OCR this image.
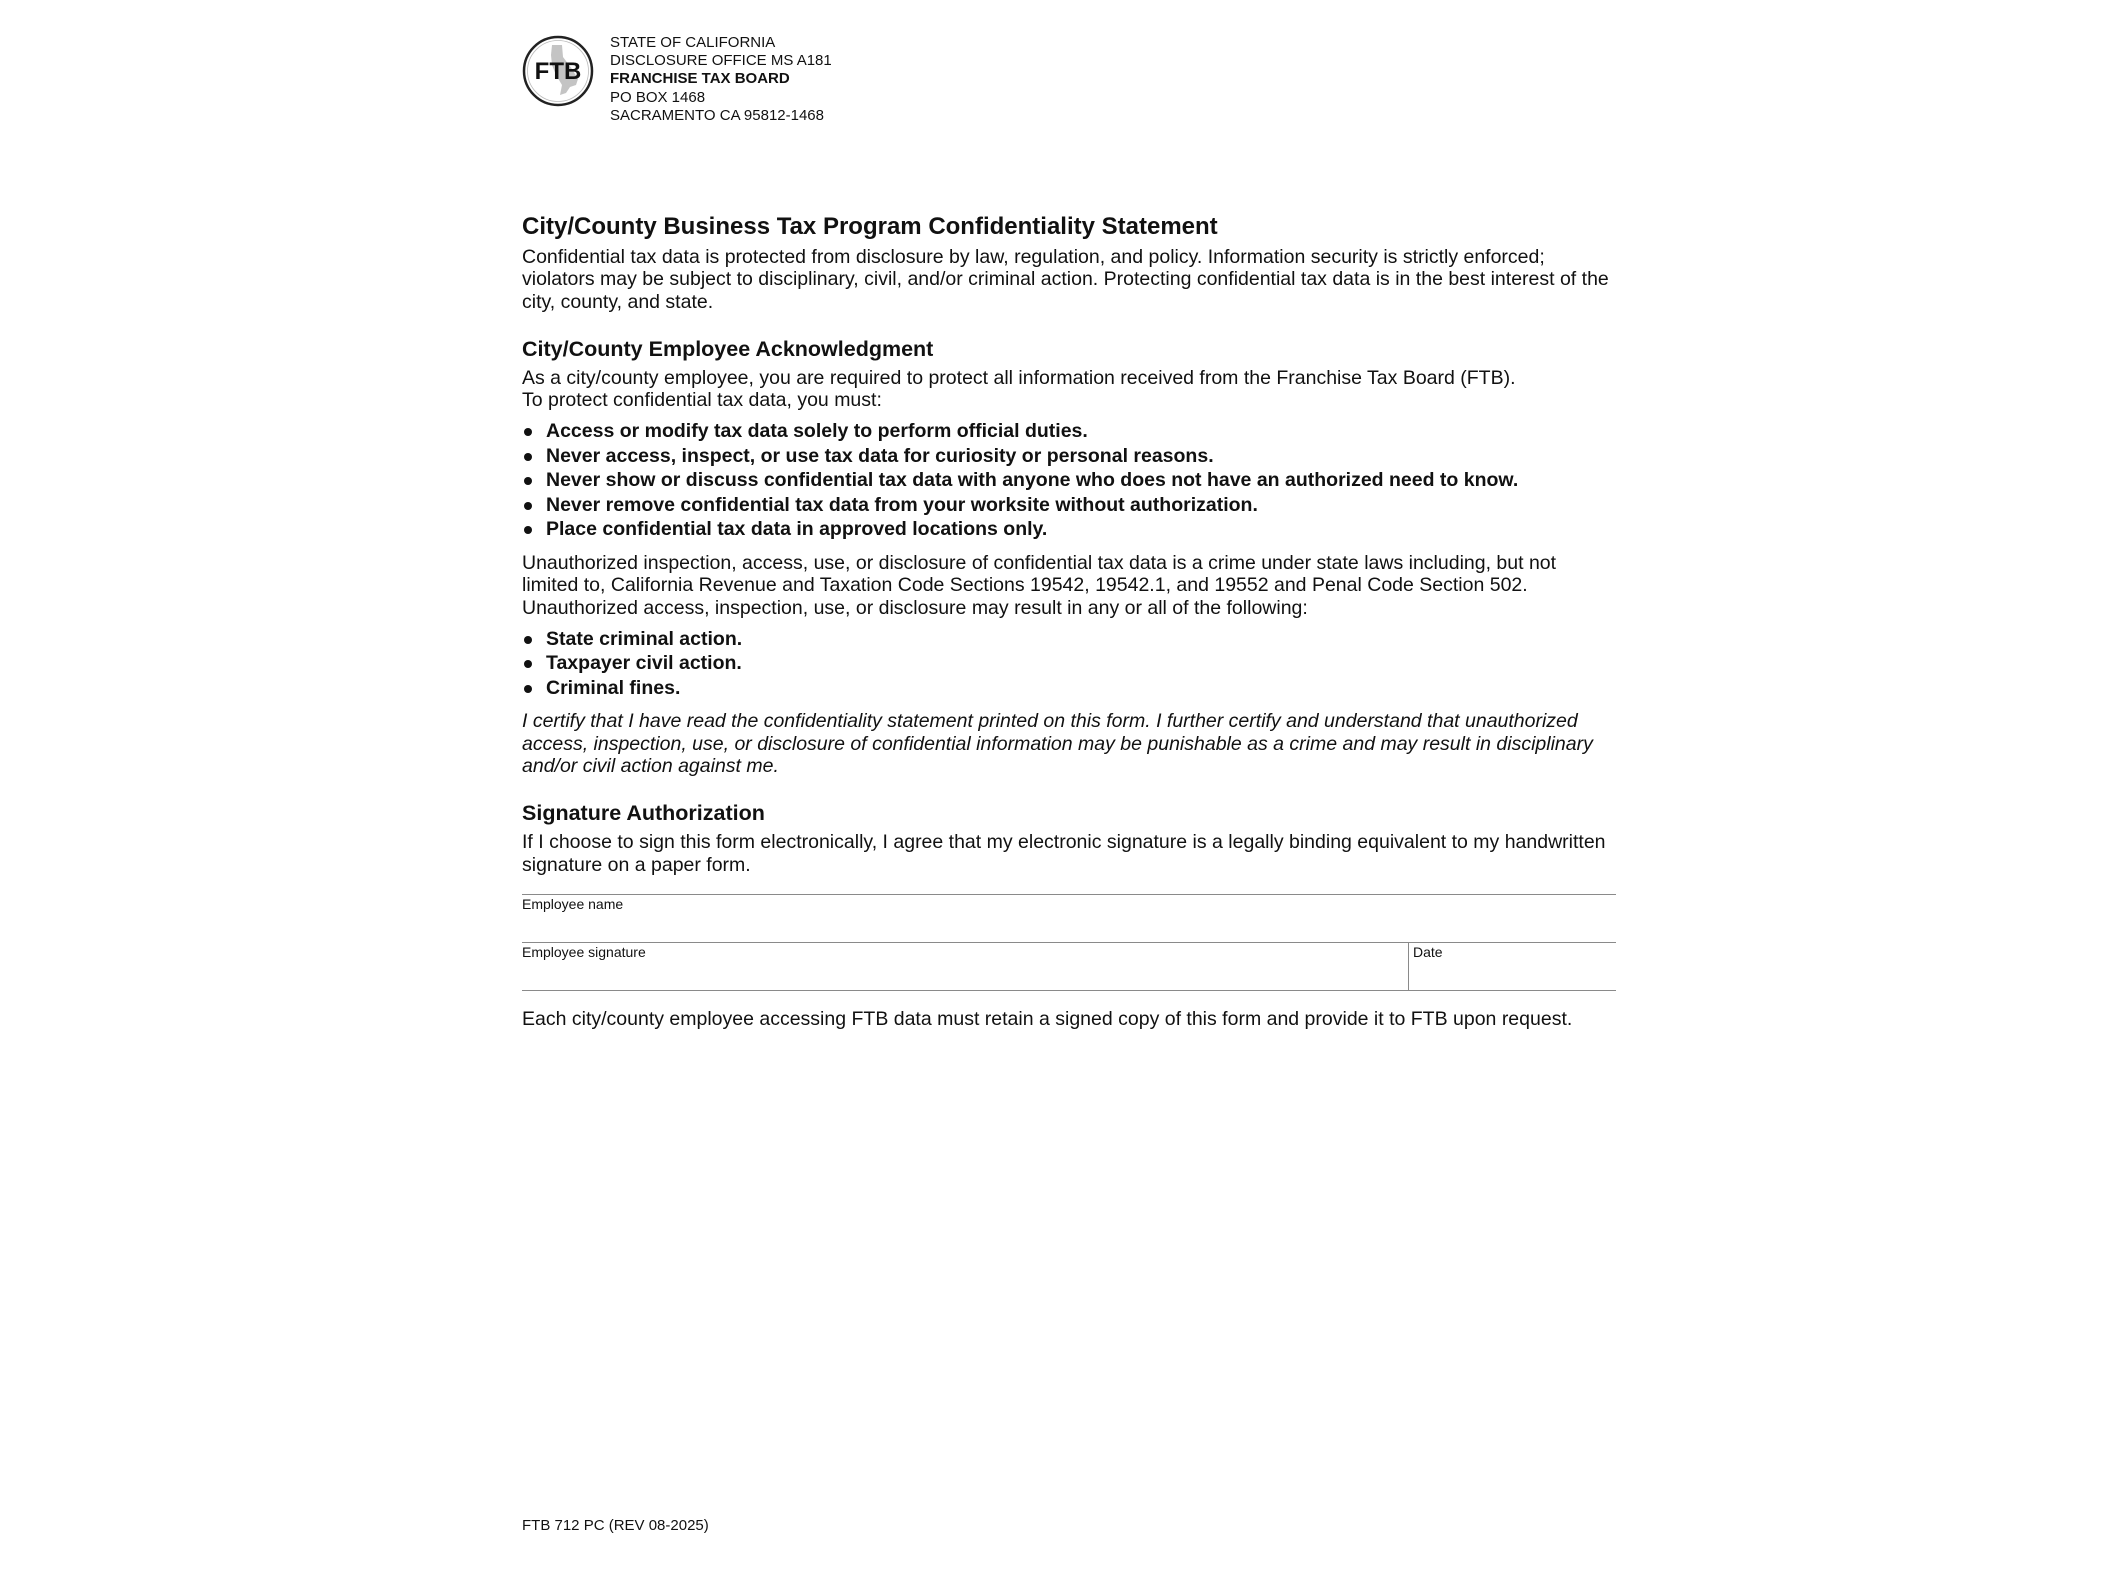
FTB
STATE OF CALIFORNIA
DISCLOSURE OFFICE MS A181
FRANCHISE TAX BOARD
PO BOX 1468
SACRAMENTO CA 95812-1468
City/County Business Tax Program Confidentiality Statement

Confidential tax data is protected from disclosure by law, regulation, and policy. Information security is strictly enforced; violators may be subject to disciplinary, civil, and/or criminal action. Protecting confidential tax data is in the best interest of the city, county, and state.

City/County Employee Acknowledgment

As a city/county employee, you are required to protect all information received from the Franchise Tax Board (FTB).
To protect confidential tax data, you must:

Access or modify tax data solely to perform official duties.
Never access, inspect, or use tax data for curiosity or personal reasons.
Never show or discuss confidential tax data with anyone who does not have an authorized need to know.
Never remove confidential tax data from your worksite without authorization.
Place confidential tax data in approved locations only.

Unauthorized inspection, access, use, or disclosure of confidential tax data is a crime under state laws including, but not limited to, California Revenue and Taxation Code Sections 19542, 19542.1, and 19552 and Penal Code Section 502. Unauthorized access, inspection, use, or disclosure may result in any or all of the following:

State criminal action.
Taxpayer civil action.
Criminal fines.

I certify that I have read the confidentiality statement printed on this form. I further certify and understand that unauthorized access, inspection, use, or disclosure of confidential information may be punishable as a crime and may result in disciplinary and/or civil action against me.

Signature Authorization

If I choose to sign this form electronically, I agree that my electronic signature is a legally binding equivalent to my handwritten signature on a paper form.

Employee name
Employee signature	Date

Each city/county employee accessing FTB data must retain a signed copy of this form and provide it to FTB upon request.

FTB 712 PC (REV 08-2025)
